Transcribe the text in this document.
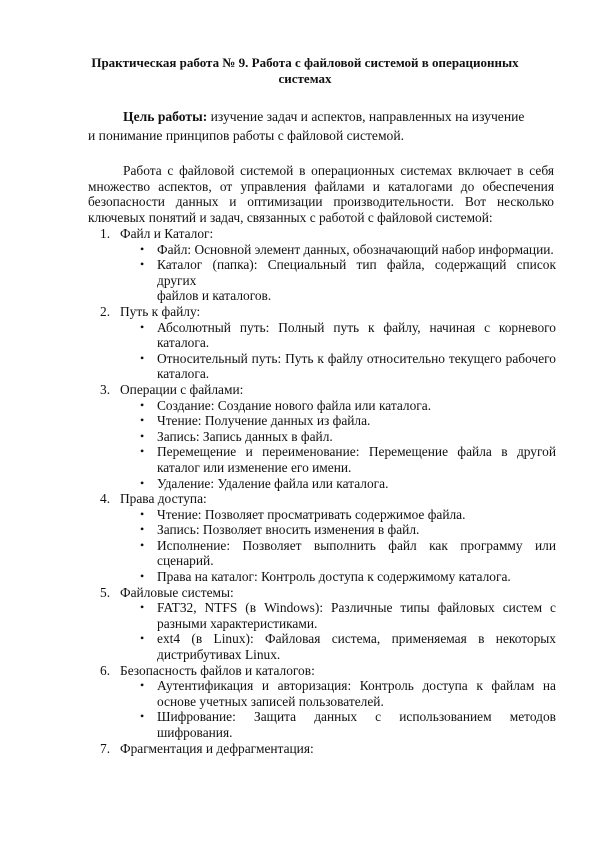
Практическая работа № 9. Работа с файловой системой в операционных
системах
Цель работы: изучение задач и аспектов, направленных на изучение
и понимание принципов работы с файловой системой.
Работа с файловой системой в операционных системах включает в себя
множество аспектов, от управления файлами и каталогами до обеспечения
безопасности данных и оптимизации производительности. Вот несколько
ключевых понятий и задач, связанных с работой с файловой системой:
1. Файл и Каталог:
• Файл: Основной элемент данных, обозначающий набор информации.
• Каталог (папка): Специальный тип файла, содержащий список других
файлов и каталогов.
2. Путь к файлу:
• Абсолютный путь: Полный путь к файлу, начиная с корневого
каталога.
• Относительный путь: Путь к файлу относительно текущего рабочего
каталога.
3. Операции с файлами:
• Создание: Создание нового файла или каталога.
• Чтение: Получение данных из файла.
• Запись: Запись данных в файл.
• Перемещение и переименование: Перемещение файла в другой
каталог или изменение его имени.
• Удаление: Удаление файла или каталога.
4. Права доступа:
• Чтение: Позволяет просматривать содержимое файла.
• Запись: Позволяет вносить изменения в файл.
• Исполнение: Позволяет выполнить файл как программу или
сценарий.
• Права на каталог: Контроль доступа к содержимому каталога.
5. Файловые системы:
• FAT32, NTFS (в Windows): Различные типы файловых систем с
разными характеристиками.
• ext4 (в Linux): Файловая система, применяемая в некоторых
дистрибутивах Linux.
6. Безопасность файлов и каталогов:
• Аутентификация и авторизация: Контроль доступа к файлам на
основе учетных записей пользователей.
• Шифрование: Защита данных с использованием методов
шифрования.
7. Фрагментация и дефрагментация:
